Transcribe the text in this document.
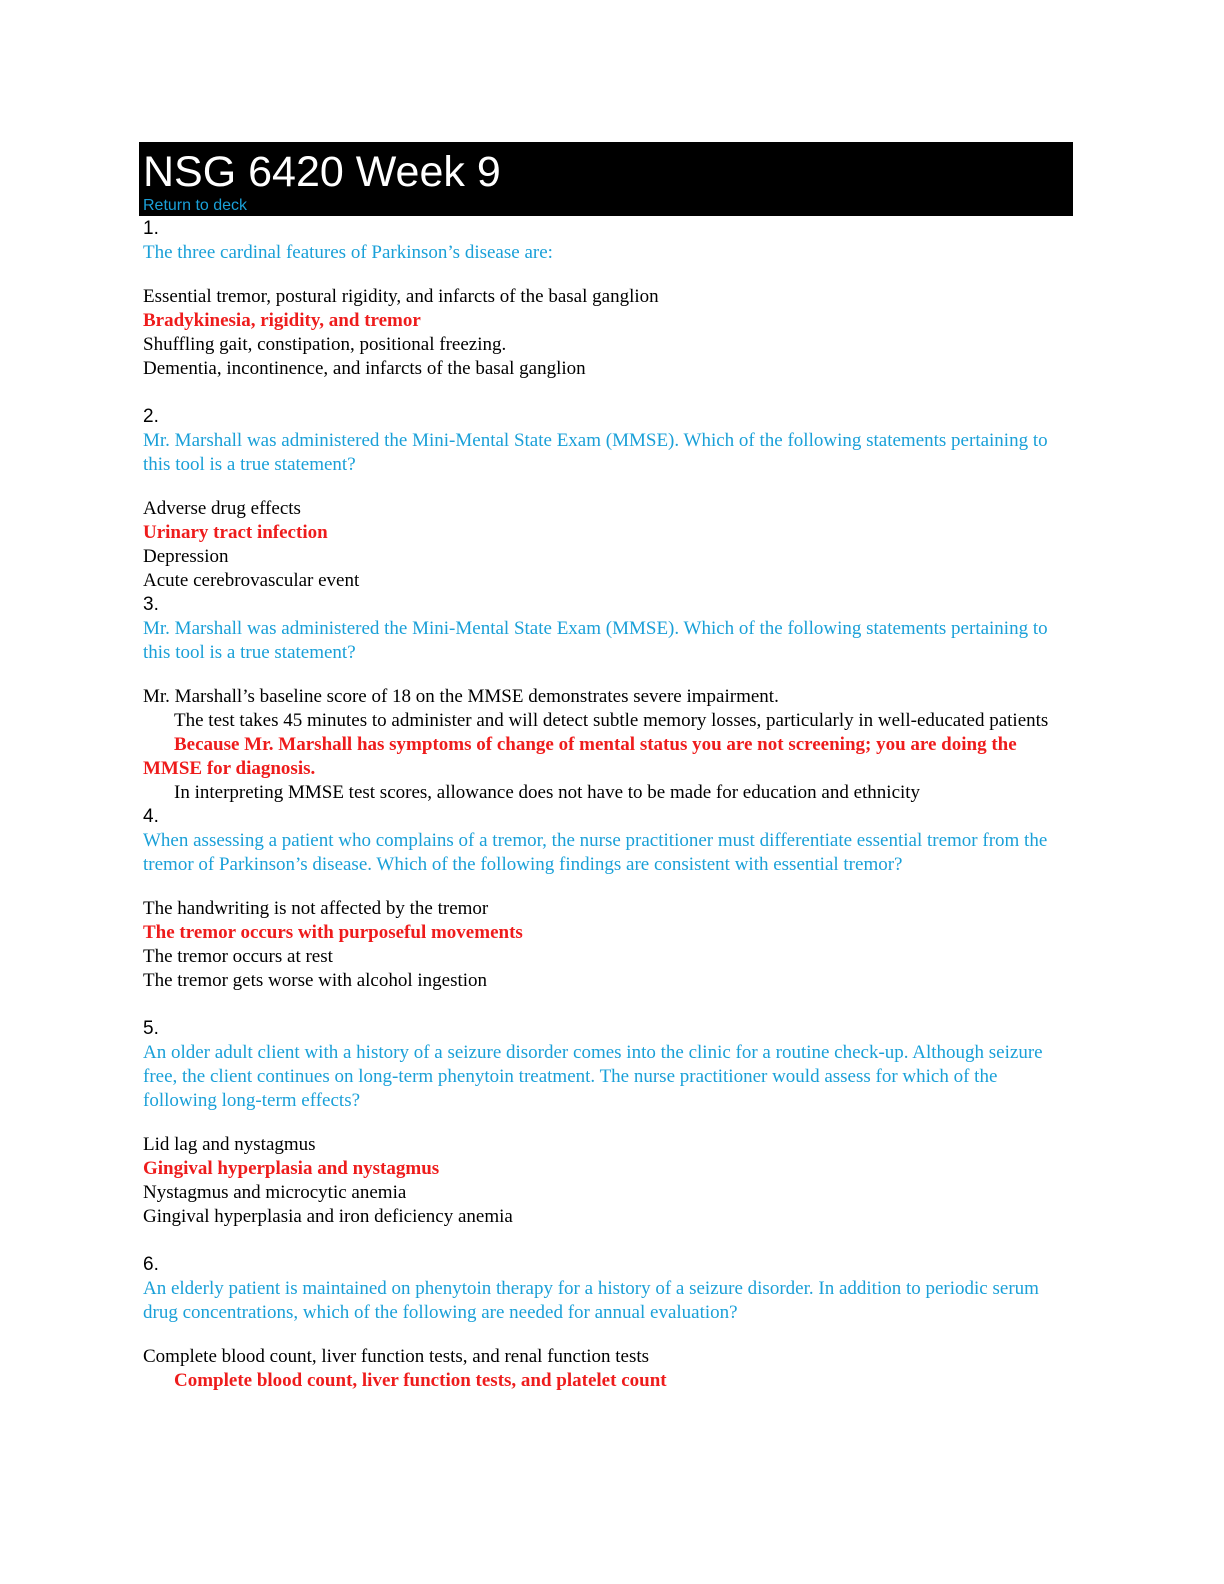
NSG 6420 Week 9
Return to deck
1.
The three cardinal features of Parkinson’s disease are:
Essential tremor, postural rigidity, and infarcts of the basal ganglion
Bradykinesia, rigidity, and tremor
Shuffling gait, constipation, positional freezing.
Dementia, incontinence, and infarcts of the basal ganglion
2.
Mr. Marshall was administered the Mini-Mental State Exam (MMSE). Which of the following statements pertaining to this tool is a true statement?
Adverse drug effects
Urinary tract infection
Depression
Acute cerebrovascular event
3.
Mr. Marshall was administered the Mini-Mental State Exam (MMSE). Which of the following statements pertaining to this tool is a true statement?
Mr. Marshall’s baseline score of 18 on the MMSE demonstrates severe impairment.
The test takes 45 minutes to administer and will detect subtle memory losses, particularly in well-educated patients
Because Mr. Marshall has symptoms of change of mental status you are not screening; you are doing the MMSE for diagnosis.
In interpreting MMSE test scores, allowance does not have to be made for education and ethnicity
4.
When assessing a patient who complains of a tremor, the nurse practitioner must differentiate essential tremor from the tremor of Parkinson’s disease. Which of the following findings are consistent with essential tremor?
The handwriting is not affected by the tremor
The tremor occurs with purposeful movements
The tremor occurs at rest
The tremor gets worse with alcohol ingestion
5.
An older adult client with a history of a seizure disorder comes into the clinic for a routine check-up. Although seizure free, the client continues on long-term phenytoin treatment. The nurse practitioner would assess for which of the following long-term effects?
Lid lag and nystagmus
Gingival hyperplasia and nystagmus
Nystagmus and microcytic anemia
Gingival hyperplasia and iron deficiency anemia
6.
An elderly patient is maintained on phenytoin therapy for a history of a seizure disorder. In addition to periodic serum drug concentrations, which of the following are needed for annual evaluation?
Complete blood count, liver function tests, and renal function tests
Complete blood count, liver function tests, and platelet count
